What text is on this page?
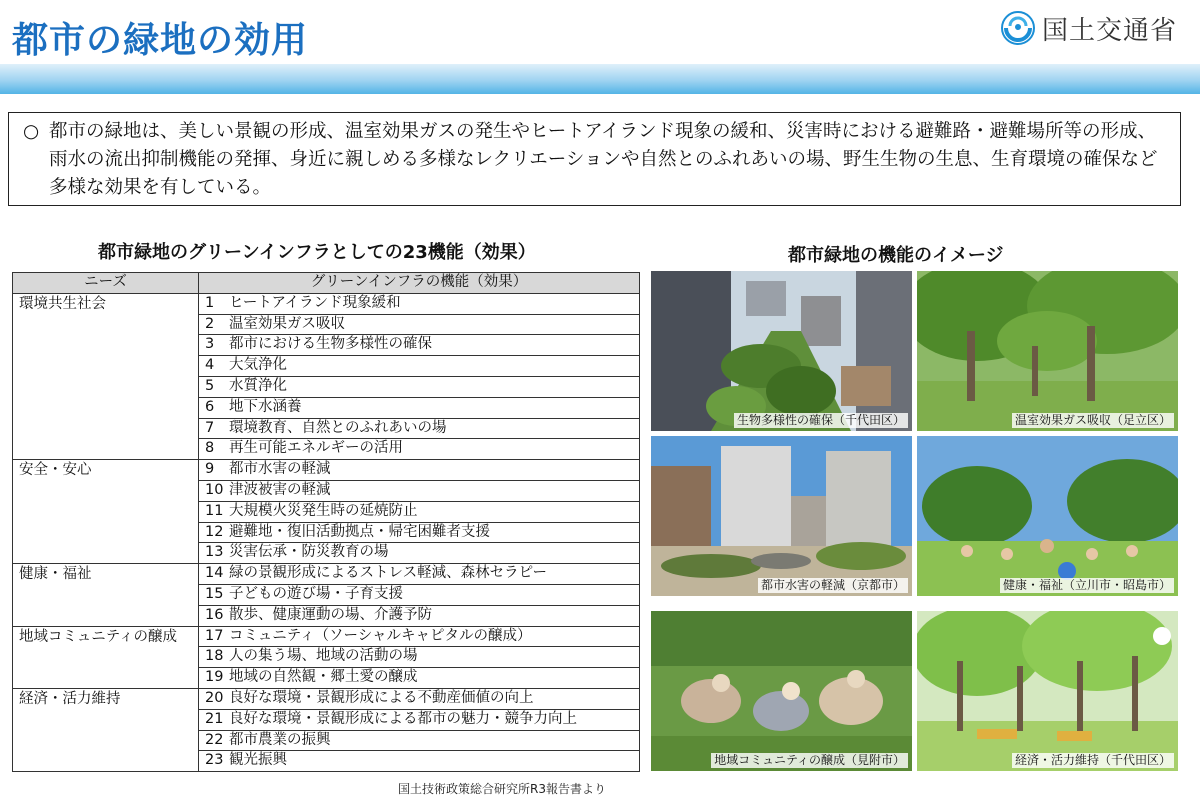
都市の緑地の効用	国土交通省
○ 都市の緑地は、美しい景観の形成、温室効果ガスの発生やヒートアイランド現象の緩和、災害時における避難路・避難場所等の形成、雨水の流出抑制機能の発揮、身近に親しめる多様なレクリエーションや自然とのふれあいの場、野生生物の生息、生育環境の確保など多様な効果を有している。
都市緑地のグリーンインフラとしての23機能（効果）	都市緑地の機能のイメージ
ニーズ	グリーンインフラの機能（効果）
環境共生社会	1 ヒートアイランド現象緩和
	2 温室効果ガス吸収
	3 都市における生物多様性の確保
	4 大気浄化
	5 水質浄化
	6 地下水涵養
	7 環境教育、自然とのふれあいの場
	8 再生可能エネルギーの活用
安全・安心	9 都市水害の軽減
	10 津波被害の軽減
	11 大規模火災発生時の延焼防止
	12 避難地・復旧活動拠点・帰宅困難者支援
	13 災害伝承・防災教育の場
健康・福祉	14 緑の景観形成によるストレス軽減、森林セラピー
	15 子どもの遊び場・子育支援
	16 散歩、健康運動の場、介護予防
地域コミュニティの醸成	17 コミュニティ（ソーシャルキャピタルの醸成）
	18 人の集う場、地域の活動の場
	19 地域の自然観・郷土愛の醸成
経済・活力維持	20 良好な環境・景観形成による不動産価値の向上
	21 良好な環境・景観形成による都市の魅力・競争力向上
	22 都市農業の振興
	23 観光振興
生物多様性の確保（千代田区）	温室効果ガス吸収（足立区）
都市水害の軽減（京都市）	健康・福祉（立川市・昭島市）
地域コミュニティの醸成（見附市）	経済・活力維持（千代田区）
国土技術政策総合研究所R3報告書より
